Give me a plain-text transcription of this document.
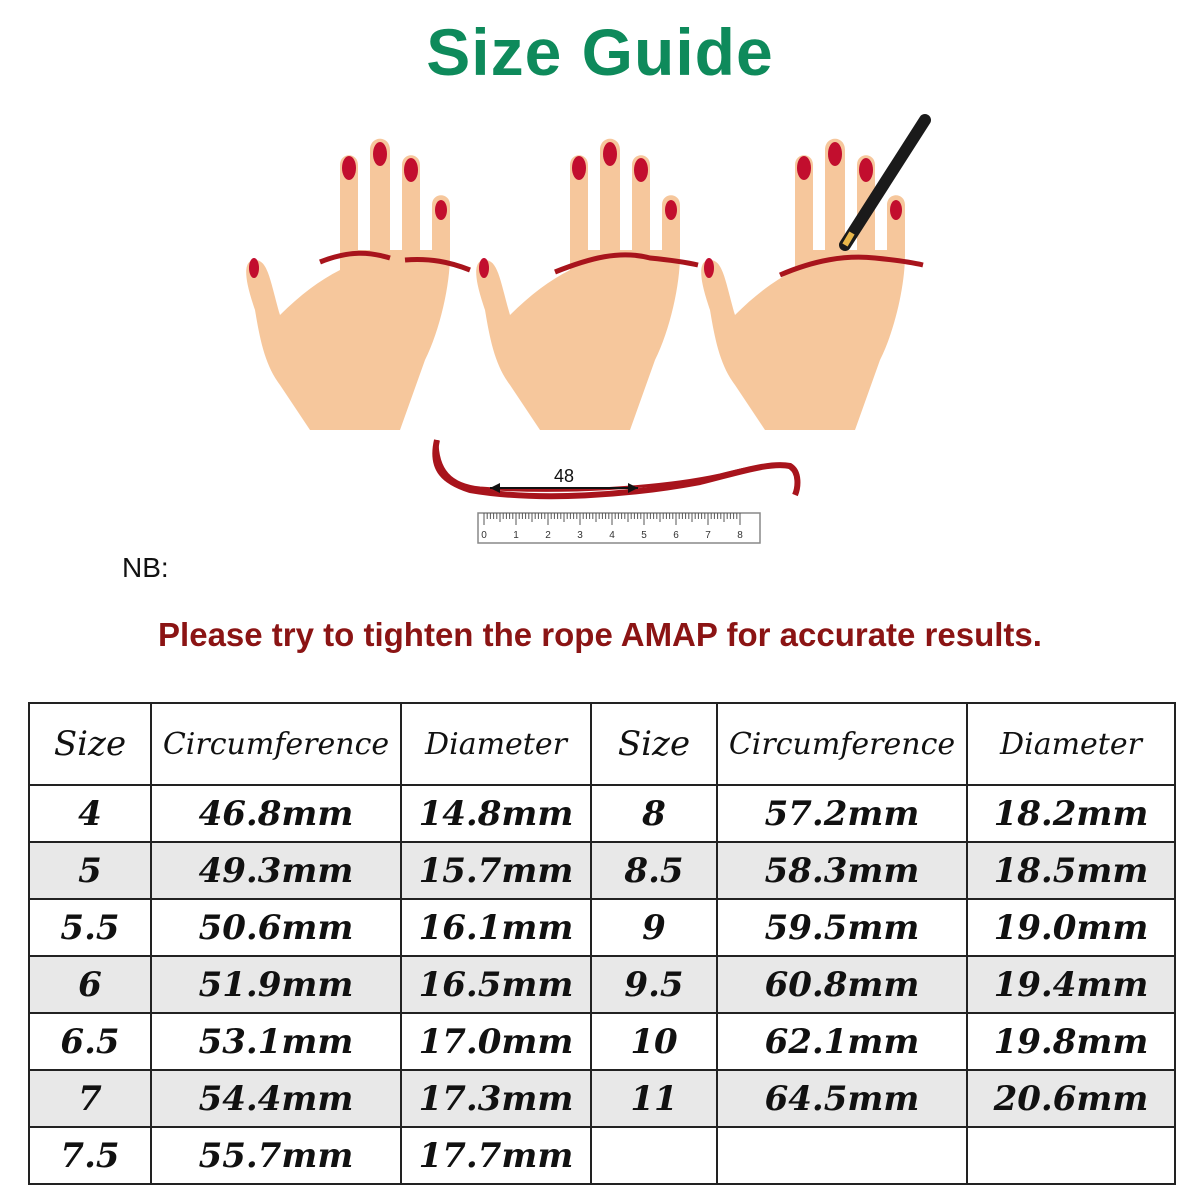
Size Guide
48
0	1	2	3	4	5	6	7	8
NB:
Please try to tighten the rope AMAP for accurate results.
Size	Circumference	Diameter	Size	Circumference	Diameter
4	46.8mm	14.8mm	8	57.2mm	18.2mm
5	49.3mm	15.7mm	8.5	58.3mm	18.5mm
5.5	50.6mm	16.1mm	9	59.5mm	19.0mm
6	51.9mm	16.5mm	9.5	60.8mm	19.4mm
6.5	53.1mm	17.0mm	10	62.1mm	19.8mm
7	54.4mm	17.3mm	11	64.5mm	20.6mm
7.5	55.7mm	17.7mm			
